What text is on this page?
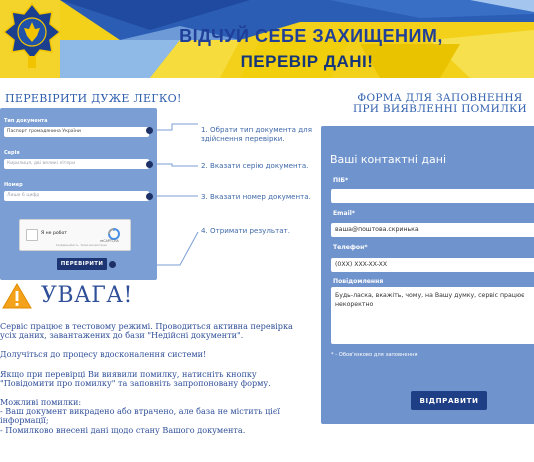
ВІДЧУЙ СЕБЕ ЗАХИЩЕНИМ,
ПЕРЕВІР ДАНІ!
ПЕРЕВІРИТИ ДУЖЕ ЛЕГКО!	ФОРМА ДЛЯ ЗАПОВНЕННЯ
ПРИ ВИЯВЛЕННІ ПОМИЛКИ
Тип документа
Паспорт громадянина України
Серія
Кирилиця, дві великі літери
Номер
Лише 6 цифр
Я не робот
reCAPTCHA
Конфіденційність · Умови використання
ПЕРЕВІРИТИ
1. Обрати тип документа для
здійснення перевірки.
2. Вказати серію документа.
3. Вказати номер документа.
4. Отримати результат.
УВАГА!
Сервіс працює в тестовому режимі. Проводиться активна перевірка
усіх даних, завантажених до бази "Недійсні документи".
Долучіться до процесу вдосконалення системи!
Якщо при перевірці Ви виявили помилку, натисніть кнопку
"Повідомити про помилку" та заповніть запропоновану форму.
Можливі помилки:
- Ваш документ викрадено або втрачено, але база не містить цієї
інформації;
- Помилково внесені дані щодо стану Вашого документа.
Ваші контактні дані
ПІБ*
Email*
ваша@поштова.скринька
Телефон*
(0XX) XXX-XX-XX
Повідомлення
Будь-ласка, вкажіть, чому, на Вашу думку, сервіс працює некоректно
* - Обов'язково для заповнення
ВІДПРАВИТИ
